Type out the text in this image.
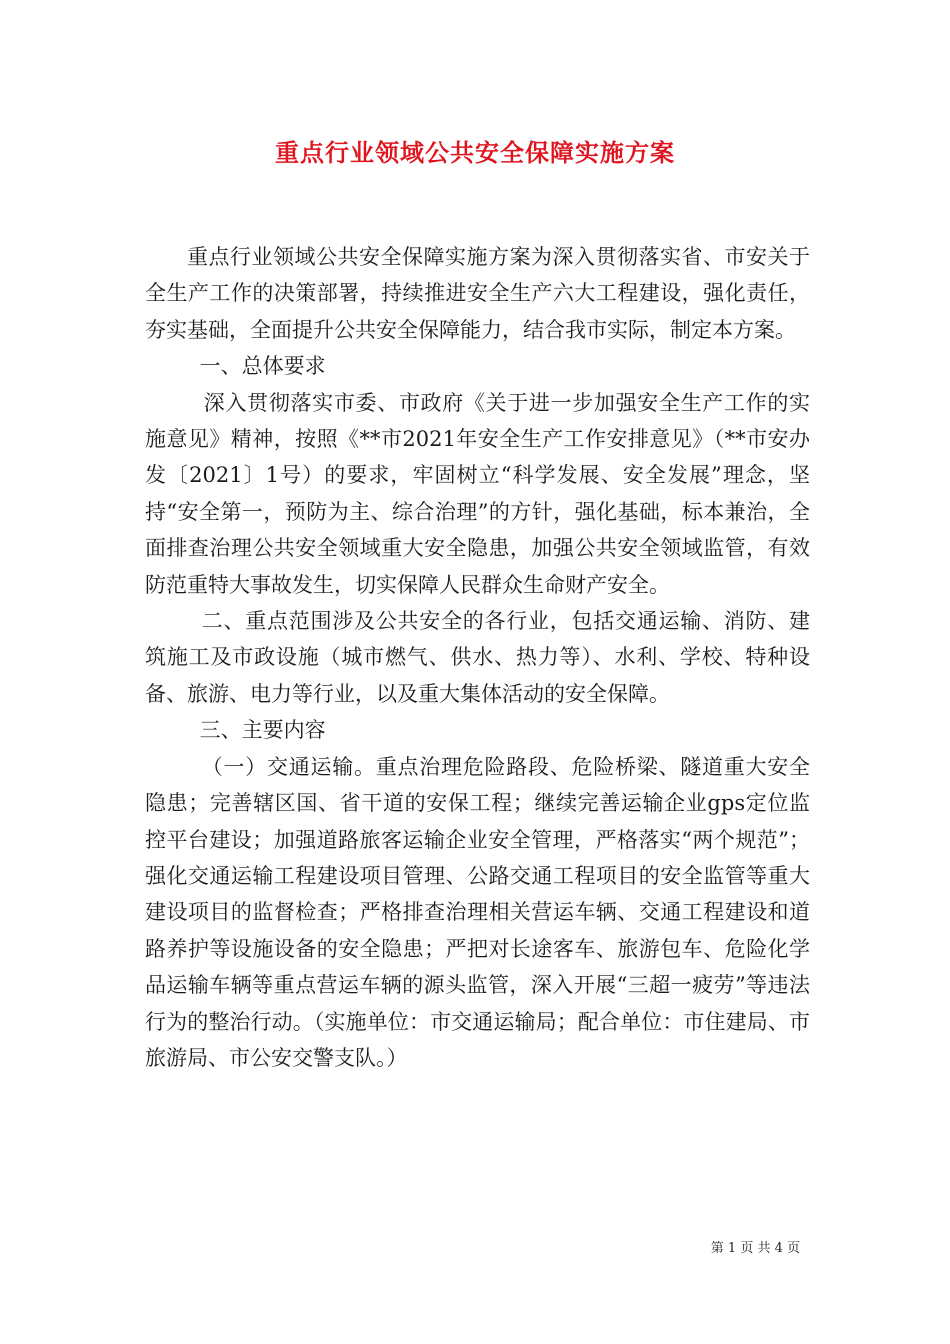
重点行业领域公共安全保障实施方案

重点行业领域公共安全保障实施方案为深入贯彻落实省、市安关于全生产工作的决策部署，持续推进安全生产六大工程建设，强化责任，夯实基础，全面提升公共安全保障能力，结合我市实际，制定本方案。

一、总体要求

深入贯彻落实市委、市政府《关于进一步加强安全生产工作的实施意见》精神，按照《**市2021年安全生产工作安排意见》（**市安办发〔2021〕1号）的要求，牢固树立“科学发展、安全发展”理念，坚持“安全第一，预防为主、综合治理”的方针，强化基础，标本兼治，全面排查治理公共安全领域重大安全隐患，加强公共安全领域监管，有效防范重特大事故发生，切实保障人民群众生命财产安全。

二、重点范围涉及公共安全的各行业，包括交通运输、消防、建筑施工及市政设施（城市燃气、供水、热力等）、水利、学校、特种设备、旅游、电力等行业，以及重大集体活动的安全保障。

三、主要内容

（一）交通运输。重点治理危险路段、危险桥梁、隧道重大安全隐患；完善辖区国、省干道的安保工程；继续完善运输企业gps定位监控平台建设；加强道路旅客运输企业安全管理，严格落实“两个规范”；强化交通运输工程建设项目管理、公路交通工程项目的安全监管等重大建设项目的监督检查；严格排查治理相关营运车辆、交通工程建设和道路养护等设施设备的安全隐患；严把对长途客车、旅游包车、危险化学品运输车辆等重点营运车辆的源头监管，深入开展“三超一疲劳”等违法行为的整治行动。（实施单位：市交通运输局；配合单位：市住建局、市旅游局、市公安交警支队。）

第 1 页 共 4 页
